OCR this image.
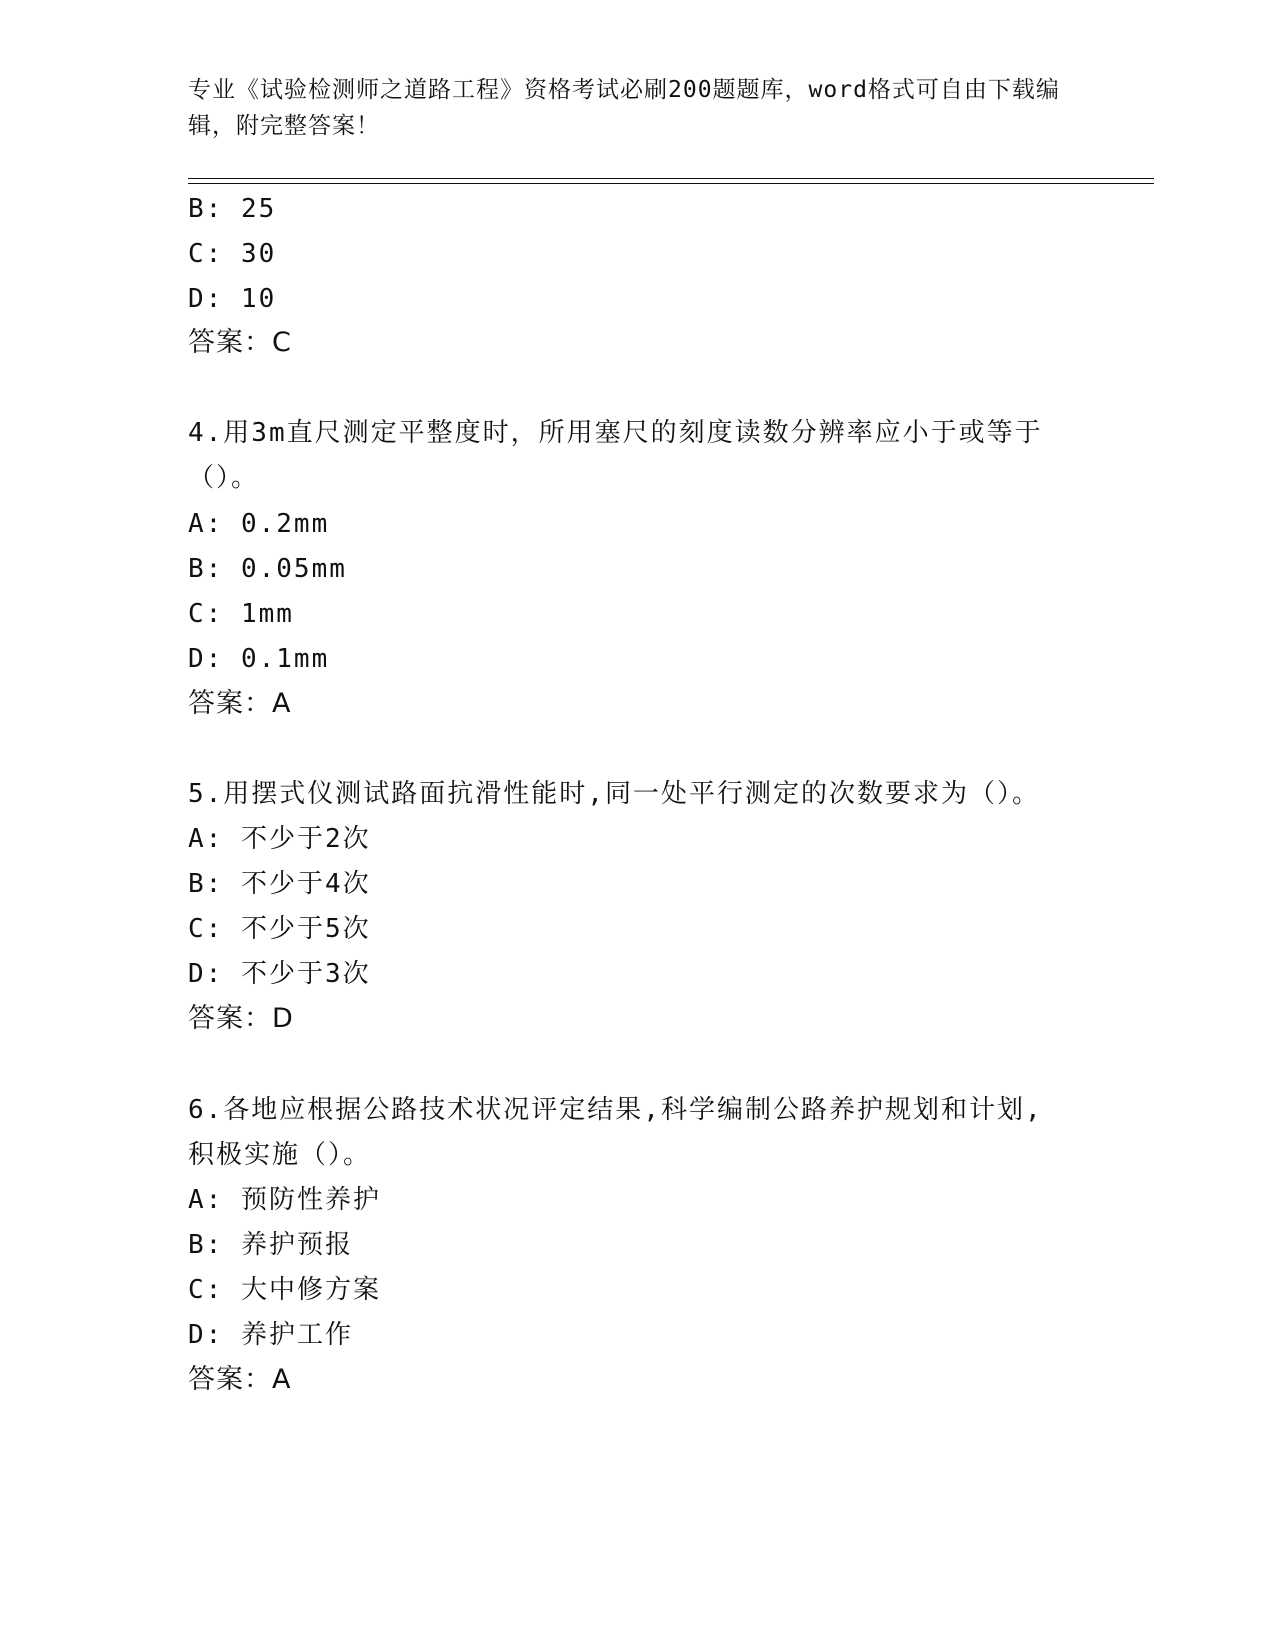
专业《试验检测师之道路工程》资格考试必刷200题题库，word格式可自由下载编辑，附完整答案！
B: 25
C: 30
D: 10
答案：C
4.用3m直尺测定平整度时，所用塞尺的刻度读数分辨率应小于或等于
（）。
A: 0.2mm
B: 0.05mm
C: 1mm
D: 0.1mm
答案：A
5.用摆式仪测试路面抗滑性能时,同一处平行测定的次数要求为（）。
A: 不少于2次
B: 不少于4次
C: 不少于5次
D: 不少于3次
答案：D
6.各地应根据公路技术状况评定结果,科学编制公路养护规划和计划,
积极实施（）。
A: 预防性养护
B: 养护预报
C: 大中修方案
D: 养护工作
答案：A
